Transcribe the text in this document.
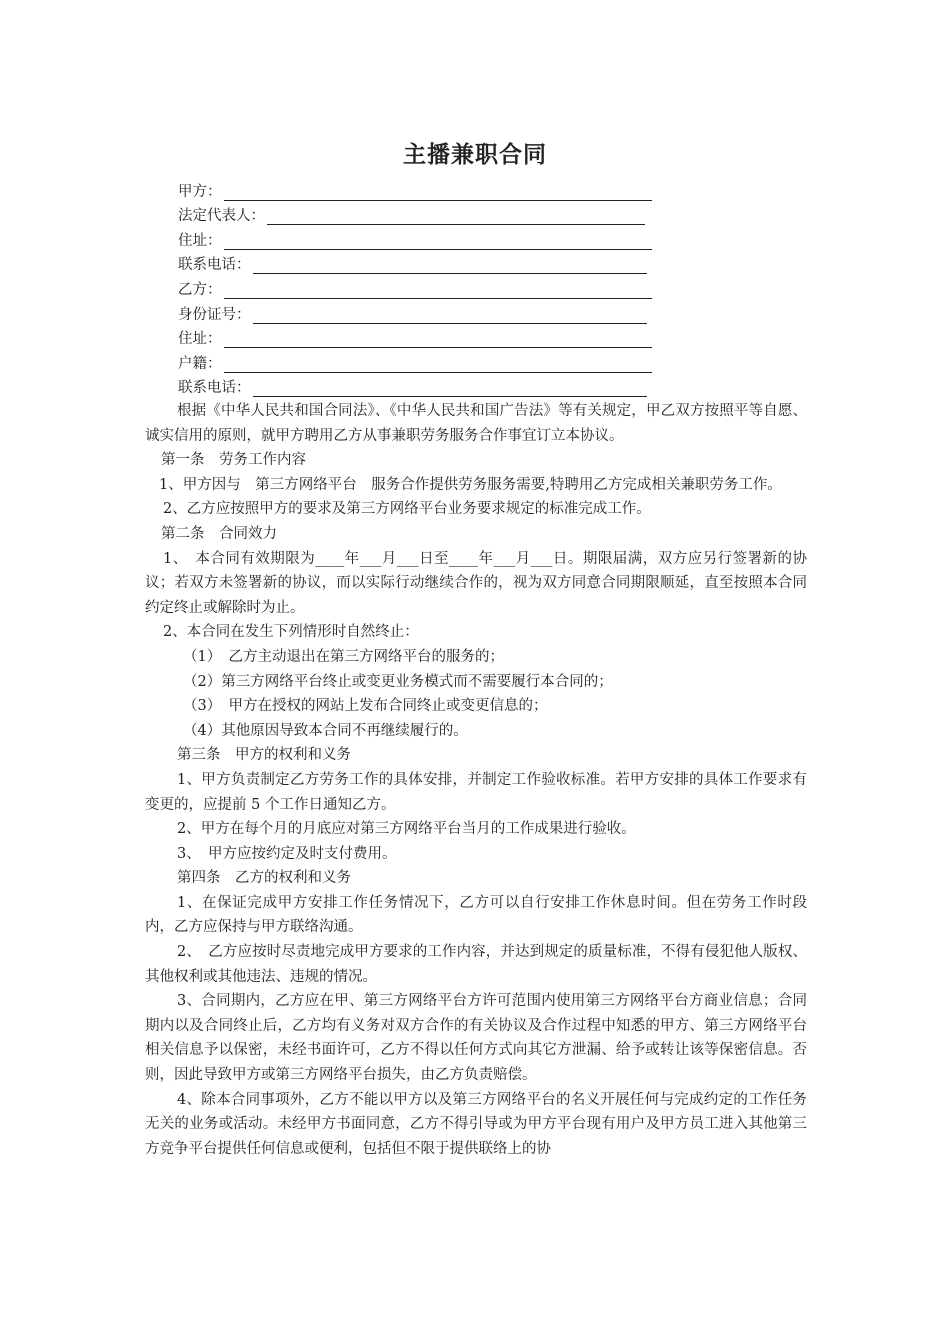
主播兼职合同
甲方：
法定代表人：
住址：
联系电话：
乙方：
身份证号：
住址：
户籍：
联系电话：

根据《中华人民共和国合同法》、《中华人民共和国广告法》等有关规定，甲乙双方按照平等自愿、诚实信用的原则，就甲方聘用乙方从事兼职劳务服务合作事宜订立本协议。

第一条　劳务工作内容

1、甲方因与　第三方网络平台　服务合作提供劳务服务需要,特聘用乙方完成相关兼职劳务工作。

2、乙方应按照甲方的要求及第三方网络平台业务要求规定的标准完成工作。

第二条　合同效力

1、　本合同有效期限为____年___月___日至____年___月___日。期限届满，双方应另行签署新的协议；若双方未签署新的协议，而以实际行动继续合作的，视为双方同意合同期限顺延，直至按照本合同约定终止或解除时为止。

2、本合同在发生下列情形时自然终止：

（1）　乙方主动退出在第三方网络平台的服务的；

（2）第三方网络平台终止或变更业务模式而不需要履行本合同的；

（3）　甲方在授权的网站上发布合同终止或变更信息的；

（4）其他原因导致本合同不再继续履行的。

第三条　甲方的权利和义务

1、甲方负责制定乙方劳务工作的具体安排，并制定工作验收标准。若甲方安排的具体工作要求有变更的，应提前 5 个工作日通知乙方。

2、甲方在每个月的月底应对第三方网络平台当月的工作成果进行验收。

3、　甲方应按约定及时支付费用。

第四条　乙方的权利和义务

1、在保证完成甲方安排工作任务情况下，乙方可以自行安排工作休息时间。但在劳务工作时段内，乙方应保持与甲方联络沟通。

2、　乙方应按时尽责地完成甲方要求的工作内容，并达到规定的质量标准，不得有侵犯他人版权、其他权利或其他违法、违规的情况。

3、合同期内，乙方应在甲、第三方网络平台方许可范围内使用第三方网络平台方商业信息；合同期内以及合同终止后，乙方均有义务对双方合作的有关协议及合作过程中知悉的甲方、第三方网络平台相关信息予以保密，未经书面许可，乙方不得以任何方式向其它方泄漏、给予或转让该等保密信息。否则，因此导致甲方或第三方网络平台损失，由乙方负责赔偿。

4、除本合同事项外，乙方不能以甲方以及第三方网络平台的名义开展任何与完成约定的工作任务无关的业务或活动。未经甲方书面同意，乙方不得引导或为甲方平台现有用户及甲方员工进入其他第三方竞争平台提供任何信息或便利，包括但不限于提供联络上的协
